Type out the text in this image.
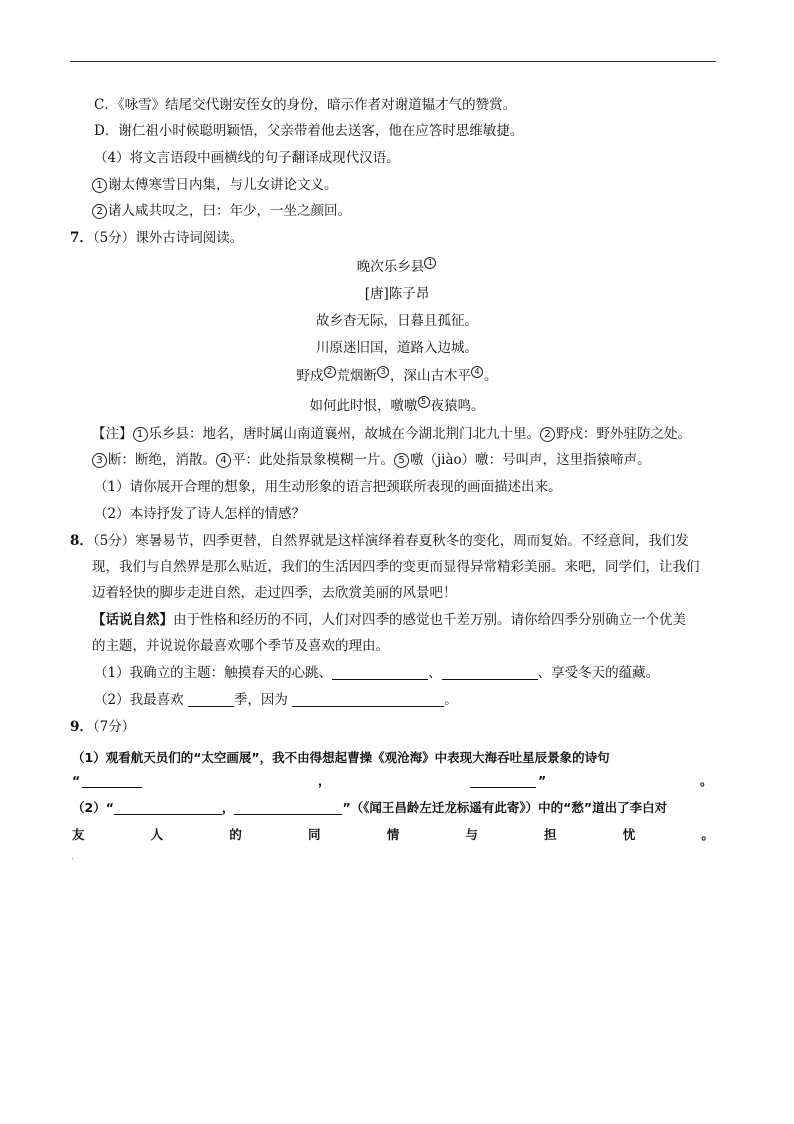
C．《咏雪》结尾交代谢安侄女的身份，暗示作者对谢道韫才气的赞赏。
D．谢仁祖小时候聪明颖悟，父亲带着他去送客，他在应答时思维敏捷。
（4）将文言语段中画横线的句子翻译成现代汉语。
1 谢太傅寒雪日内集，与儿女讲论文义。
2 诸人咸共叹之，曰：年少，一坐之颜回。
7．（5分）课外古诗词阅读。
晚次乐乡县 $^1$
[唐]陈子昂
故乡杳无际，日暮且孤征。
川原迷旧国，道路入边城。
野戍 $^2$ 荒烟断 $^3$ ，深山古木平 $^4$ 。
如何此时恨，噭噭 $^5$ 夜猿鸣。
【注】 1 乐乡县：地名，唐时属山南道襄州，故城在今湖北荆门北九十里。 2 野戍：野外驻防之处。
3 断：断绝，消散。 4 平：此处指景象模糊一片。 5 噭（jiào）噭：号叫声，这里指猿啼声。
（1）请你展开合理的想象，用生动形象的语言把颈联所表现的画面描述出来。
（2）本诗抒发了诗人怎样的情感？
8．（5分）寒暑易节，四季更替，自然界就是这样演绎着春夏秋冬的变化，周而复始。不经意间，我们发
现，我们与自然界是那么贴近，我们的生活因四季的变更而显得异常精彩美丽。来吧，同学们，让我们
迈着轻快的脚步走进自然，走过四季，去欣赏美丽的风景吧！
【话说自然】由于性格和经历的不同，人们对四季的感觉也千差万别。请你给四季分别确立一个优美
的主题，并说说你最喜欢哪个季节及喜欢的理由。
（1）我确立的主题：触摸春天的心跳、	、	、享受冬天的蕴藏。
（2）我最喜欢	季，因为	。
9．（7分）
（1）观看航天员们的“太空画展”，我不由得想起曹操《观沧海》中表现大海吞吐星辰景象的诗句
“	，	”	。
（2）“	，	”（《闻王昌龄左迁龙标遥有此寄》）中的“愁”道出了李白对
友	人	的	同	情	与	担	忧	。
